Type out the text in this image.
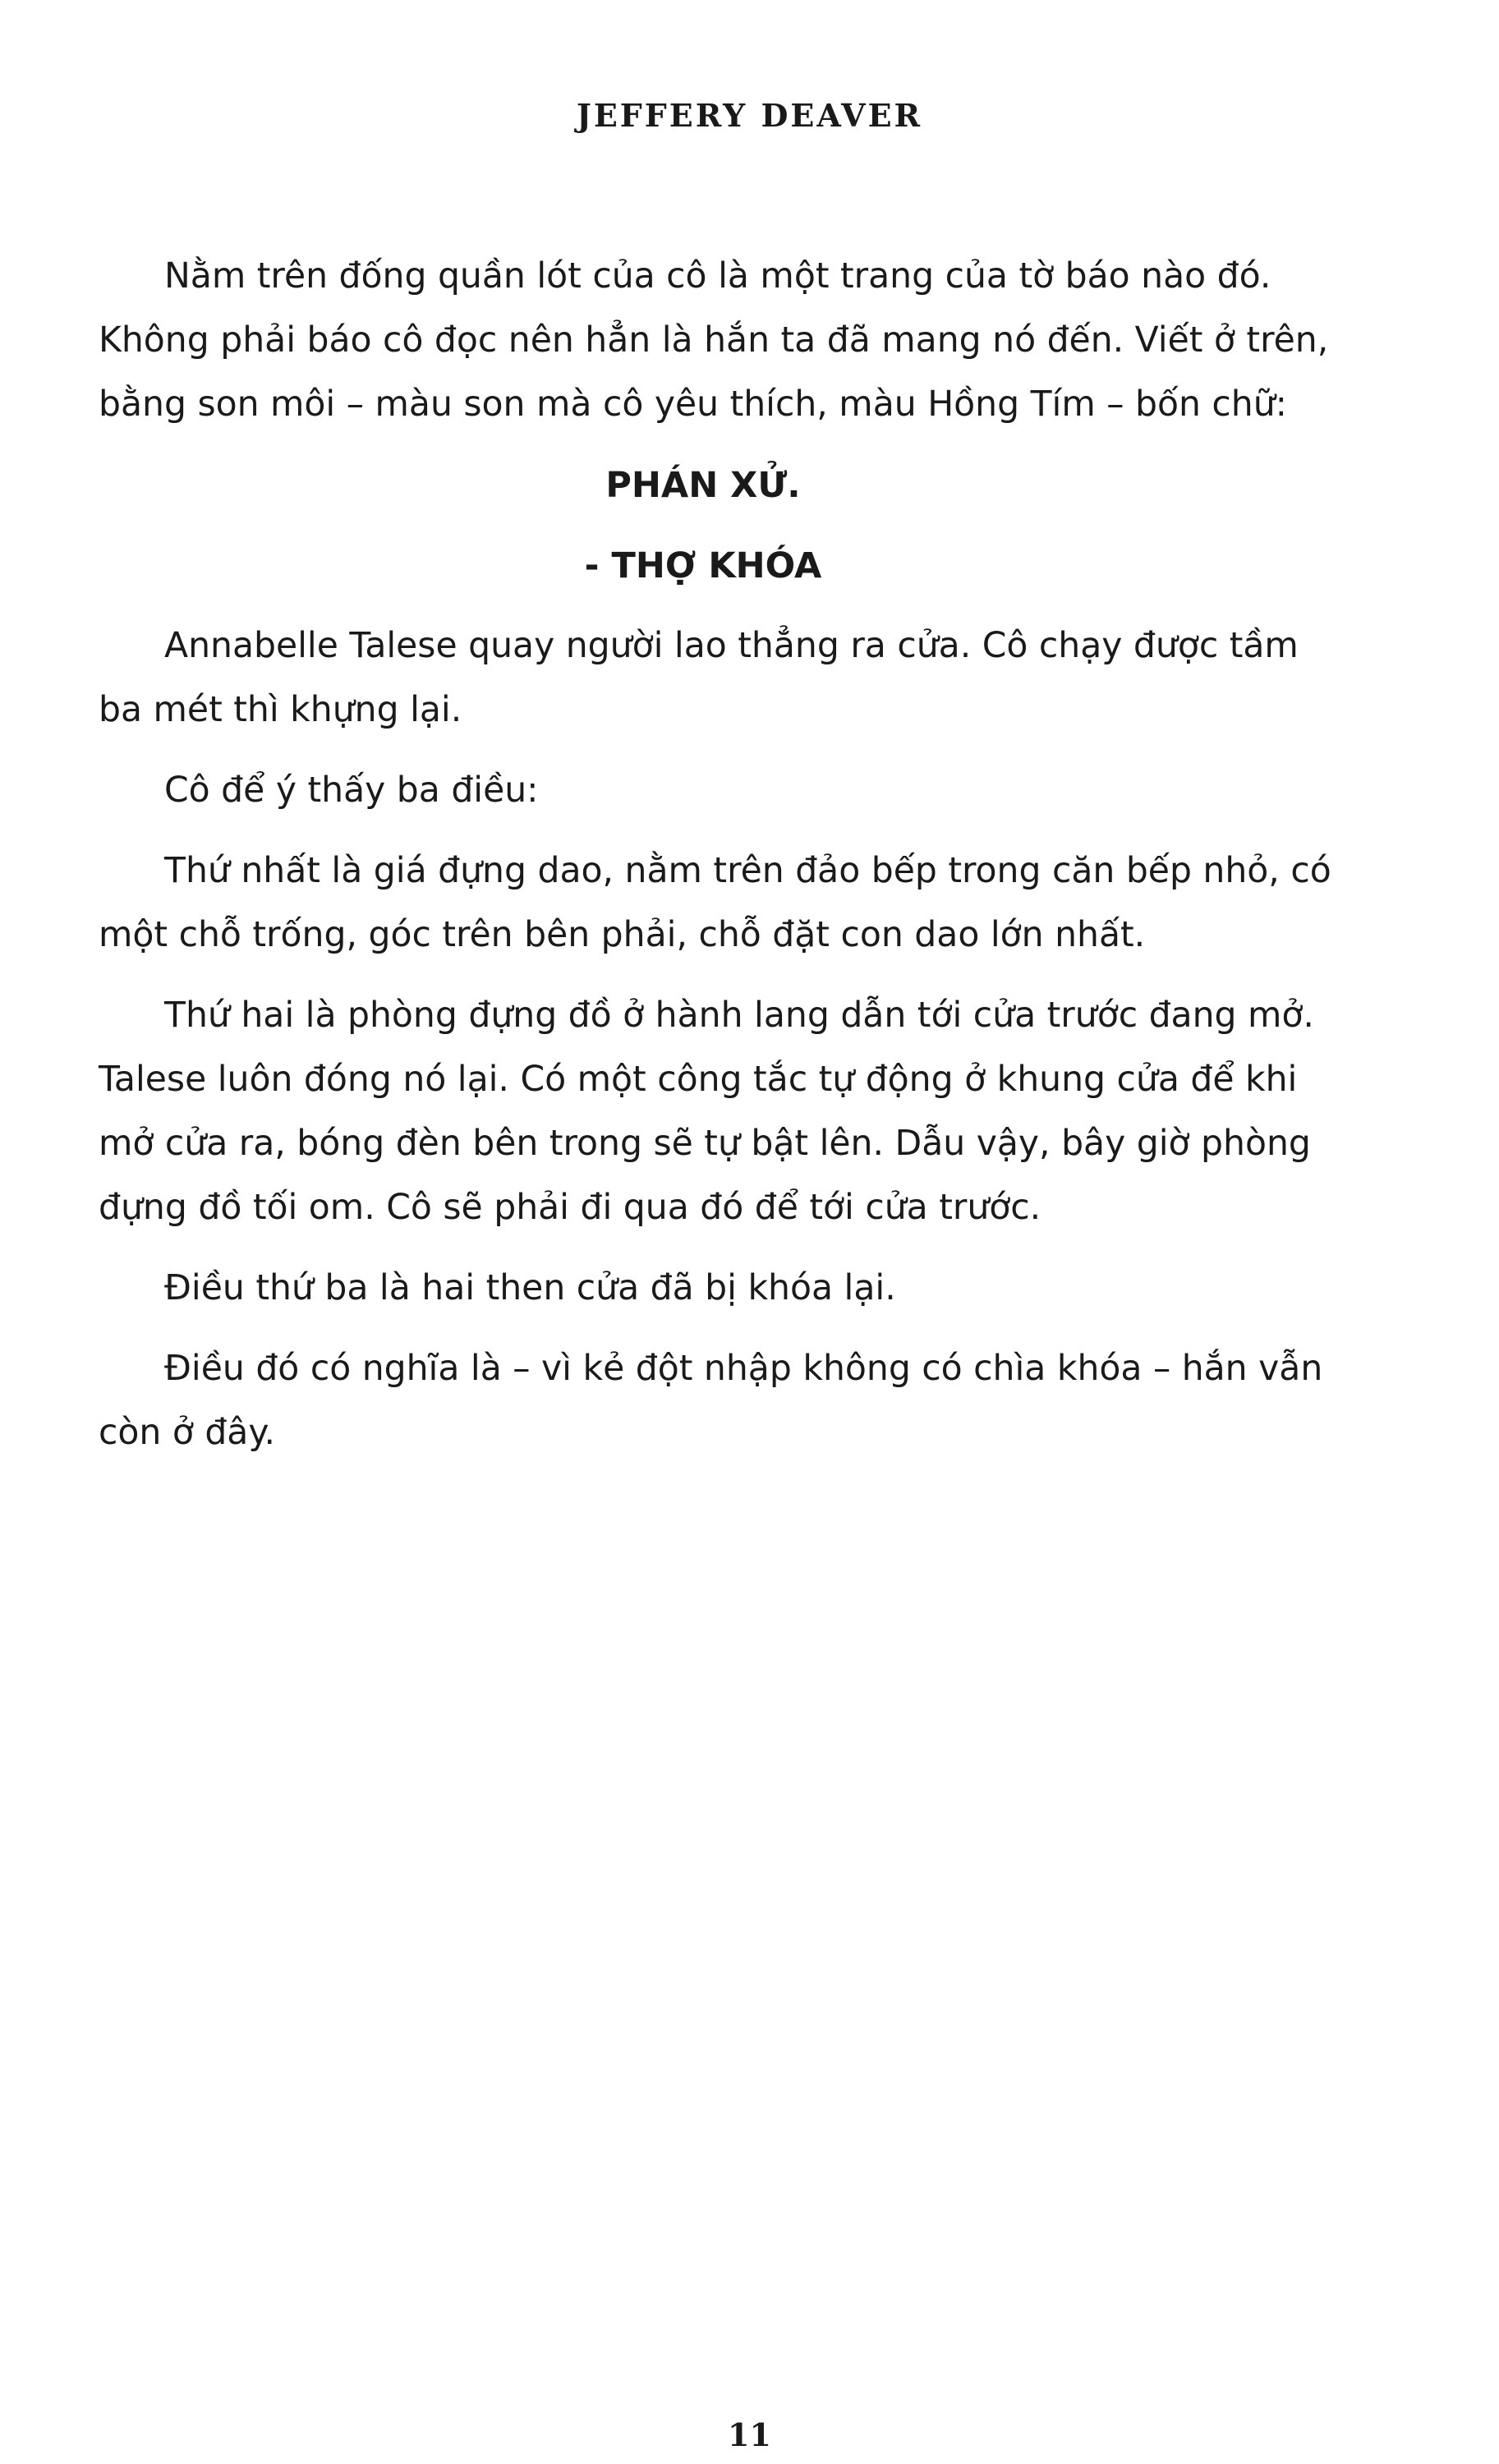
JEFFERY DEAVER

Nằm trên đống quần lót của cô là một trang của tờ báo nào đó. Không phải báo cô đọc nên hẳn là hắn ta đã mang nó đến. Viết ở trên, bằng son môi – màu son mà cô yêu thích, màu Hồng Tím – bốn chữ:

PHÁN XỬ.

- THỢ KHÓA

Annabelle Talese quay người lao thẳng ra cửa. Cô chạy được tầm ba mét thì khựng lại.

Cô để ý thấy ba điều:

Thứ nhất là giá đựng dao, nằm trên đảo bếp trong căn bếp nhỏ, có một chỗ trống, góc trên bên phải, chỗ đặt con dao lớn nhất.

Thứ hai là phòng đựng đồ ở hành lang dẫn tới cửa trước đang mở. Talese luôn đóng nó lại. Có một công tắc tự động ở khung cửa để khi mở cửa ra, bóng đèn bên trong sẽ tự bật lên. Dẫu vậy, bây giờ phòng đựng đồ tối om. Cô sẽ phải đi qua đó để tới cửa trước.

Điều thứ ba là hai then cửa đã bị khóa lại.

Điều đó có nghĩa là – vì kẻ đột nhập không có chìa khóa – hắn vẫn còn ở đây.

11
